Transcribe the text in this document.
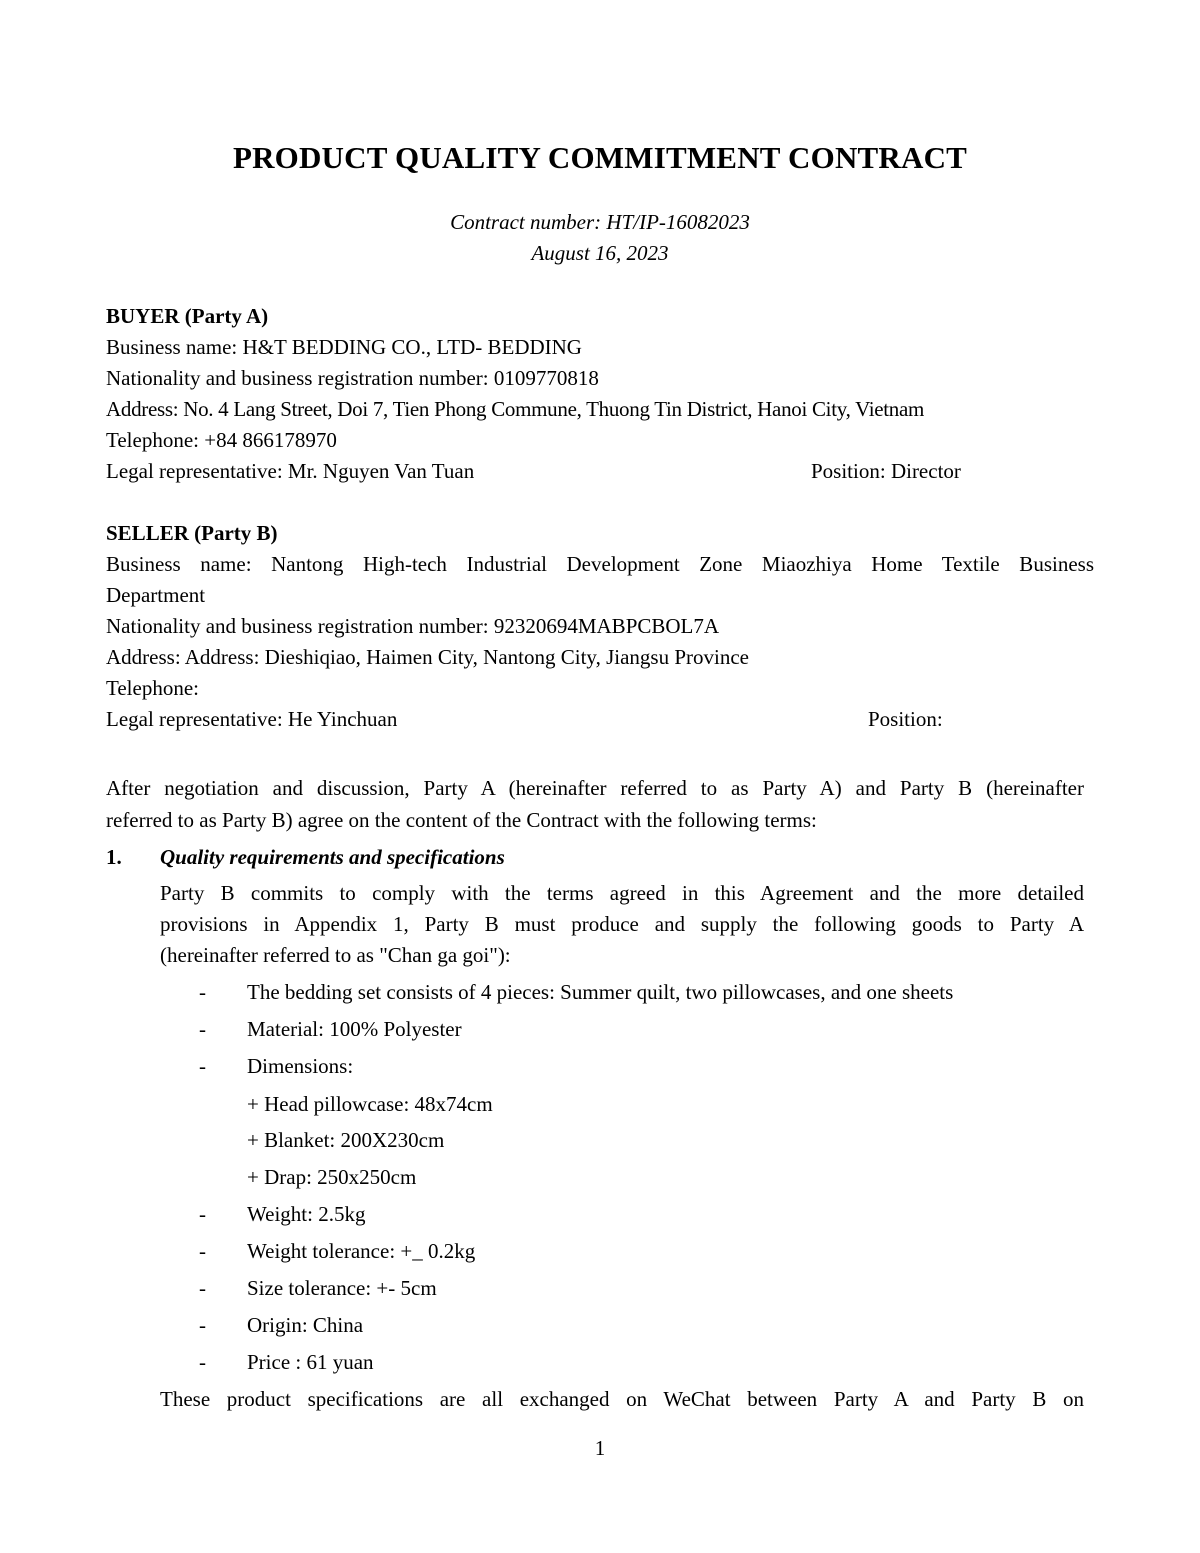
PRODUCT QUALITY COMMITMENT CONTRACT
Contract number: HT/IP-16082023
August 16, 2023
BUYER (Party A)
Business name: H&T BEDDING CO., LTD- BEDDING
Nationality and business registration number: 0109770818
Address: No. 4 Lang Street, Doi 7, Tien Phong Commune, Thuong Tin District, Hanoi City, Vietnam
Telephone: +84 866178970
Legal representative: Mr. Nguyen Van Tuan	Position: Director
SELLER (Party B)
Business name: Nantong High-tech Industrial Development Zone Miaozhiya Home Textile Business
Department
Nationality and business registration number: 92320694MABPCBOL7A
Address: Address: Dieshiqiao, Haimen City, Nantong City, Jiangsu Province
Telephone:
Legal representative: He Yinchuan	Position:
After negotiation and discussion, Party A (hereinafter referred to as Party A) and Party B (hereinafter
referred to as Party B) agree on the content of the Contract with the following terms:
1. Quality requirements and specifications
Party B commits to comply with the terms agreed in this Agreement and the more detailed
provisions in Appendix 1, Party B must produce and supply the following goods to Party A
(hereinafter referred to as "Chan ga goi"):
- The bedding set consists of 4 pieces: Summer quilt, two pillowcases, and one sheets
- Material: 100% Polyester
- Dimensions:
+ Head pillowcase: 48x74cm
+ Blanket: 200X230cm
+ Drap: 250x250cm
- Weight: 2.5kg
- Weight tolerance: +_ 0.2kg
- Size tolerance: +- 5cm
- Origin: China
- Price : 61 yuan
These product specifications are all exchanged on WeChat between Party A and Party B on
1
